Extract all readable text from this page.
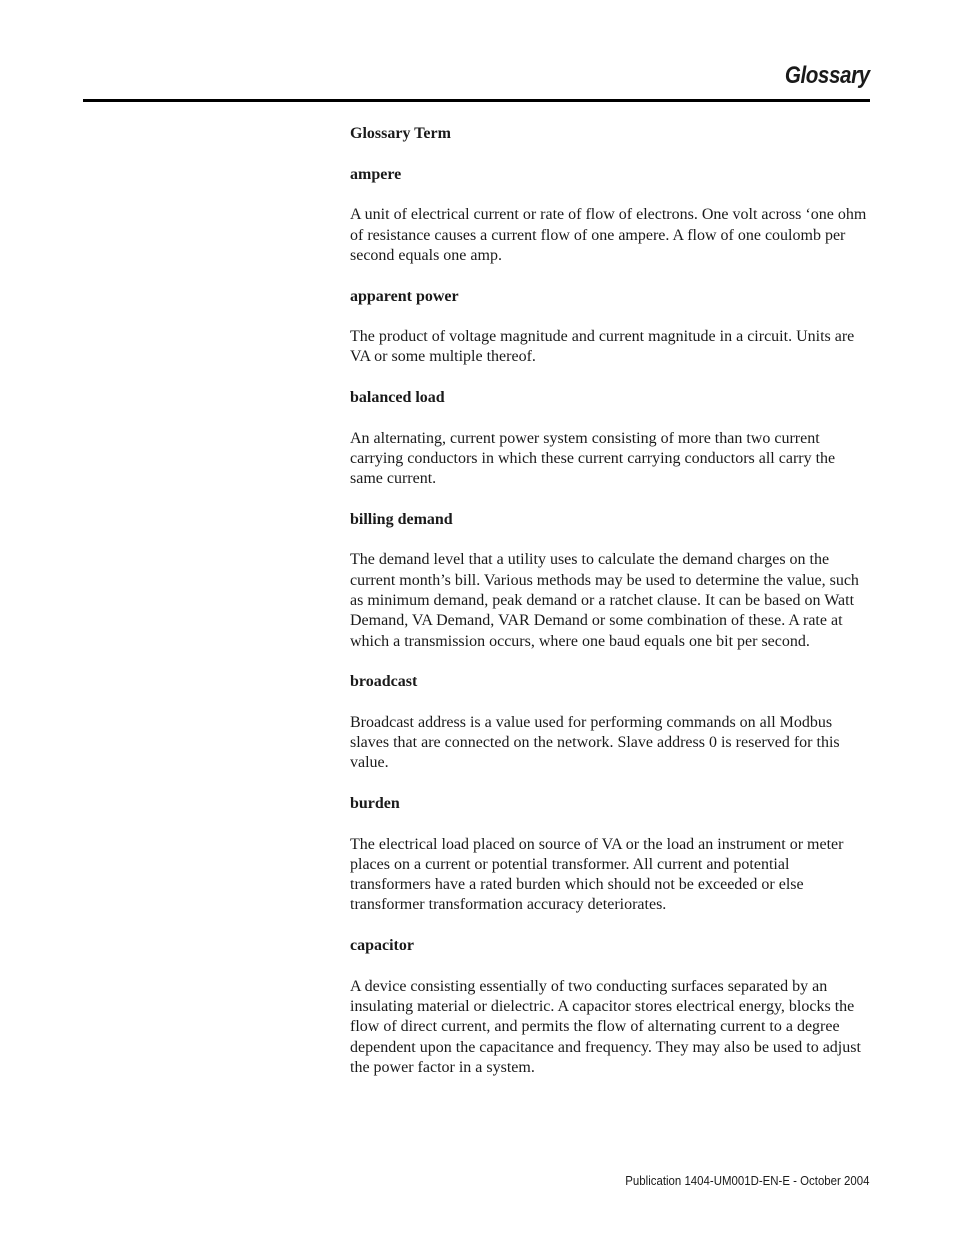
Glossary

Glossary Term

ampere

A unit of electrical current or rate of flow of electrons. One volt across ‘one ohm of resistance causes a current flow of one ampere. A flow of one coulomb per second equals one amp.

apparent power

The product of voltage magnitude and current magnitude in a circuit. Units are VA or some multiple thereof.

balanced load

An alternating, current power system consisting of more than two current carrying conductors in which these current carrying conductors all carry the same current.

billing demand

The demand level that a utility uses to calculate the demand charges on the current month’s bill. Various methods may be used to determine the value, such as minimum demand, peak demand or a ratchet clause. It can be based on Watt Demand, VA Demand, VAR Demand or some combination of these. A rate at which a transmission occurs, where one baud equals one bit per second.

broadcast

Broadcast address is a value used for performing commands on all Modbus slaves that are connected on the network. Slave address 0 is reserved for this value.

burden

The electrical load placed on source of VA or the load an instrument or meter places on a current or potential transformer. All current and potential transformers have a rated burden which should not be exceeded or else transformer transformation accuracy deteriorates.

capacitor

A device consisting essentially of two conducting surfaces separated by an insulating material or dielectric. A capacitor stores electrical energy, blocks the flow of direct current, and permits the flow of alternating current to a degree dependent upon the capacitance and frequency. They may also be used to adjust the power factor in a system.

Publication 1404-UM001D-EN-E - October 2004
